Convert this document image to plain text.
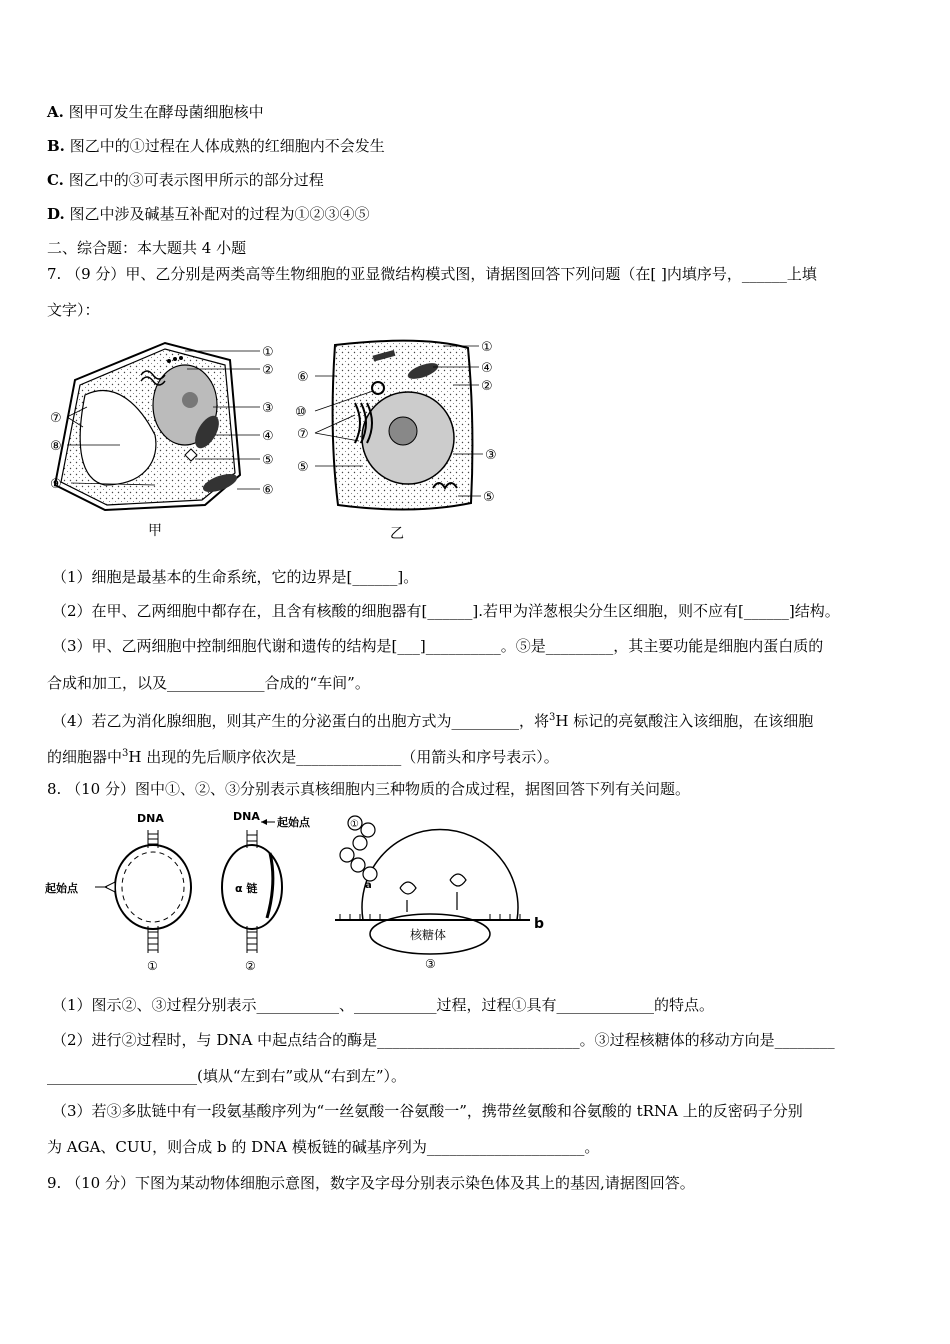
A. 图甲可发生在酵母菌细胞核中
B. 图乙中的①过程在人体成熟的红细胞内不会发生
C. 图乙中的③可表示图甲所示的部分过程
D. 图乙中涉及碱基互补配对的过程为①②③④⑤
二、综合题：本大题共 4 小题
7. （9 分）甲、乙分别是两类高等生物细胞的亚显微结构模式图，请据图回答下列问题（在[ ]内填序号，______上填
文字）：
①
②
③
④
⑤
⑥
⑦
⑧
⑨
甲
①
④
②
⑥
⑩
⑦
③
⑤
⑤
乙
（1）细胞是最基本的生命系统，它的边界是[______]。
（2）在甲、乙两细胞中都存在，且含有核酸的细胞器有[______].若甲为洋葱根尖分生区细胞，则不应有[______]结构。
（3）甲、乙两细胞中控制细胞代谢和遗传的结构是[___]__________。⑤是_________，其主要功能是细胞内蛋白质的
合成和加工，以及_____________合成的“车间”。
（4）若乙为消化腺细胞，则其产生的分泌蛋白的出胞方式为_________，将$^3$H 标记的亮氨酸注入该细胞，在该细胞
的细胞器中$^3$H 出现的先后顺序依次是______________（用箭头和序号表示）。
8. （10 分）图中①、②、③分别表示真核细胞内三种物质的合成过程，据图回答下列有关问题。
DNA
起始点
①
DNA 起始点
α 链
②
①
a
b
核糖体
③
（1）图示②、③过程分别表示___________、___________过程，过程①具有_____________的特点。
（2）进行②过程时，与 DNA 中起点结合的酶是___________________________。③过程核糖体的移动方向是________
____________________(填从“左到右”或从“右到左”）。
（3）若③多肽链中有一段氨基酸序列为“一丝氨酸一谷氨酸一”，携带丝氨酸和谷氨酸的 tRNA 上的反密码子分别
为 AGA、CUU，则合成 b 的 DNA 模板链的碱基序列为_____________________。
9. （10 分）下图为某动物体细胞示意图，数字及字母分别表示染色体及其上的基因,请据图回答。
